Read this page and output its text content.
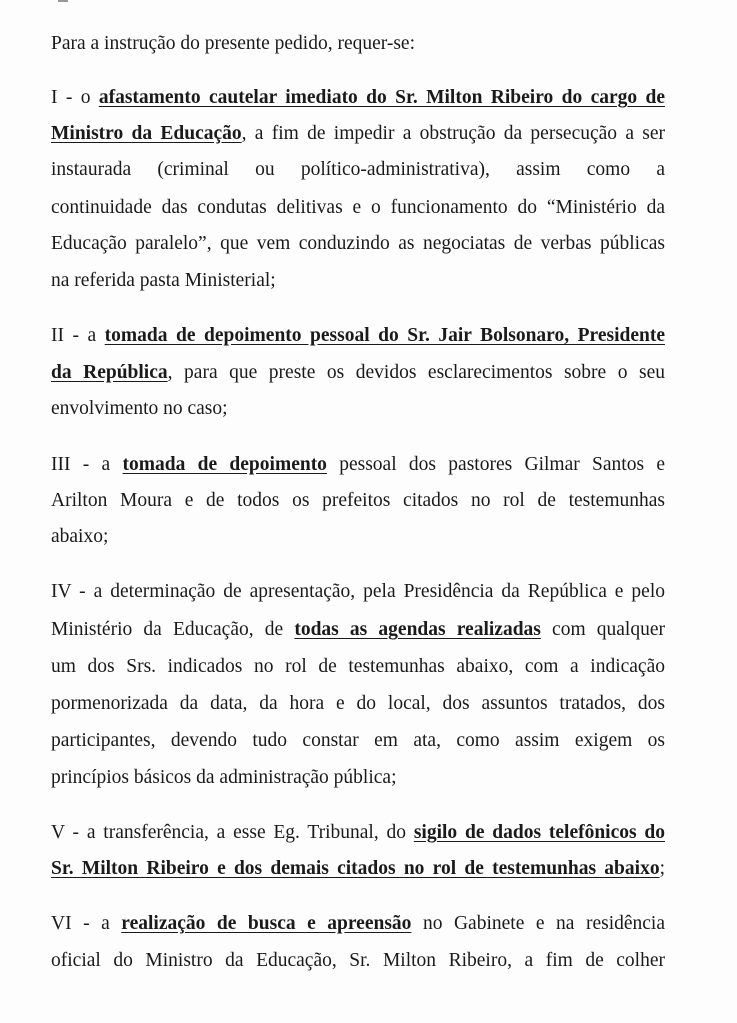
Para a instrução do presente pedido, requer-se:
I - o afastamento cautelar imediato do Sr. Milton Ribeiro do cargo de
Ministro da Educação, a fim de impedir a obstrução da persecução a ser
instaurada (criminal ou político-administrativa), assim como a
continuidade das condutas delitivas e o funcionamento do “Ministério da
Educação paralelo”, que vem conduzindo as negociatas de verbas públicas
na referida pasta Ministerial;
II - a tomada de depoimento pessoal do Sr. Jair Bolsonaro, Presidente
da República, para que preste os devidos esclarecimentos sobre o seu
envolvimento no caso;
III - a tomada de depoimento pessoal dos pastores Gilmar Santos e
Arilton Moura e de todos os prefeitos citados no rol de testemunhas
abaixo;
IV - a determinação de apresentação, pela Presidência da República e pelo
Ministério da Educação, de todas as agendas realizadas com qualquer
um dos Srs. indicados no rol de testemunhas abaixo, com a indicação
pormenorizada da data, da hora e do local, dos assuntos tratados, dos
participantes, devendo tudo constar em ata, como assim exigem os
princípios básicos da administração pública;
V - a transferência, a esse Eg. Tribunal, do sigilo de dados telefônicos do
Sr. Milton Ribeiro e dos demais citados no rol de testemunhas abaixo;
VI - a realização de busca e apreensão no Gabinete e na residência
oficial do Ministro da Educação, Sr. Milton Ribeiro, a fim de colher
